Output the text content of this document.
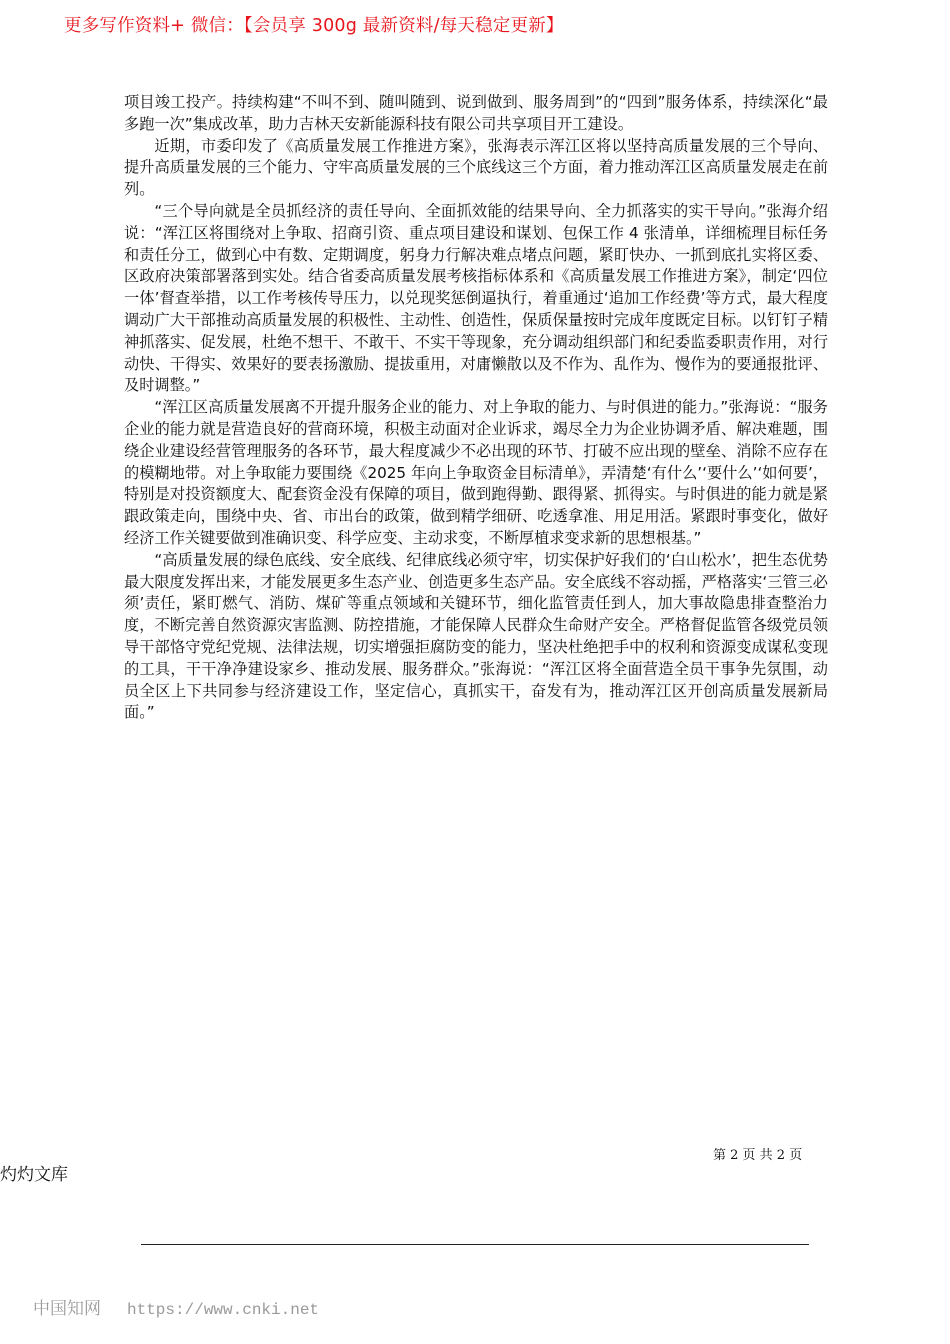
更多写作资料+ 微信：【会员享 300g 最新资料/每天稳定更新】

项目竣工投产。持续构建“不叫不到、随叫随到、说到做到、服务周到”的“四到”服务体系，持续深化“最多跑一次”集成改革，助力吉林天安新能源科技有限公司共享项目开工建设。

近期，市委印发了《高质量发展工作推进方案》，张海表示浑江区将以坚持高质量发展的三个导向、提升高质量发展的三个能力、守牢高质量发展的三个底线这三个方面，着力推动浑江区高质量发展走在前列。

“三个导向就是全员抓经济的责任导向、全面抓效能的结果导向、全力抓落实的实干导向。”张海介绍说：“浑江区将围绕对上争取、招商引资、重点项目建设和谋划、包保工作 4 张清单，详细梳理目标任务和责任分工，做到心中有数、定期调度，躬身力行解决难点堵点问题，紧盯快办、一抓到底扎实将区委、区政府决策部署落到实处。结合省委高质量发展考核指标体系和《高质量发展工作推进方案》，制定‘四位一体’督查举措，以工作考核传导压力，以兑现奖惩倒逼执行，着重通过‘追加工作经费’等方式，最大程度调动广大干部推动高质量发展的积极性、主动性、创造性，保质保量按时完成年度既定目标。以钉钉子精神抓落实、促发展，杜绝不想干、不敢干、不实干等现象，充分调动组织部门和纪委监委职责作用，对行动快、干得实、效果好的要表扬激励、提拔重用，对庸懒散以及不作为、乱作为、慢作为的要通报批评、及时调整。”

“浑江区高质量发展离不开提升服务企业的能力、对上争取的能力、与时俱进的能力。”张海说：“服务企业的能力就是营造良好的营商环境，积极主动面对企业诉求，竭尽全力为企业协调矛盾、解决难题，围绕企业建设经营管理服务的各环节，最大程度减少不必出现的环节、打破不应出现的壁垒、消除不应存在的模糊地带。对上争取能力要围绕《2025 年向上争取资金目标清单》，弄清楚‘有什么’‘要什么’‘如何要’，特别是对投资额度大、配套资金没有保障的项目，做到跑得勤、跟得紧、抓得实。与时俱进的能力就是紧跟政策走向，围绕中央、省、市出台的政策，做到精学细研、吃透拿准、用足用活。紧跟时事变化，做好经济工作关键要做到准确识变、科学应变、主动求变，不断厚植求变求新的思想根基。”

“高质量发展的绿色底线、安全底线、纪律底线必须守牢，切实保护好我们的‘白山松水’，把生态优势最大限度发挥出来，才能发展更多生态产业、创造更多生态产品。安全底线不容动摇，严格落实‘三管三必须’责任，紧盯燃气、消防、煤矿等重点领域和关键环节，细化监管责任到人，加大事故隐患排查整治力度，不断完善自然资源灾害监测、防控措施，才能保障人民群众生命财产安全。严格督促监管各级党员领导干部恪守党纪党规、法律法规，切实增强拒腐防变的能力，坚决杜绝把手中的权利和资源变成谋私变现的工具，干干净净建设家乡、推动发展、服务群众。”张海说：“浑江区将全面营造全员干事争先氛围，动员全区上下共同参与经济建设工作，坚定信心，真抓实干，奋发有为，推动浑江区开创高质量发展新局面。”

第 2 页 共 2 页
灼灼文库
中国知网 https://www.cnki.net
